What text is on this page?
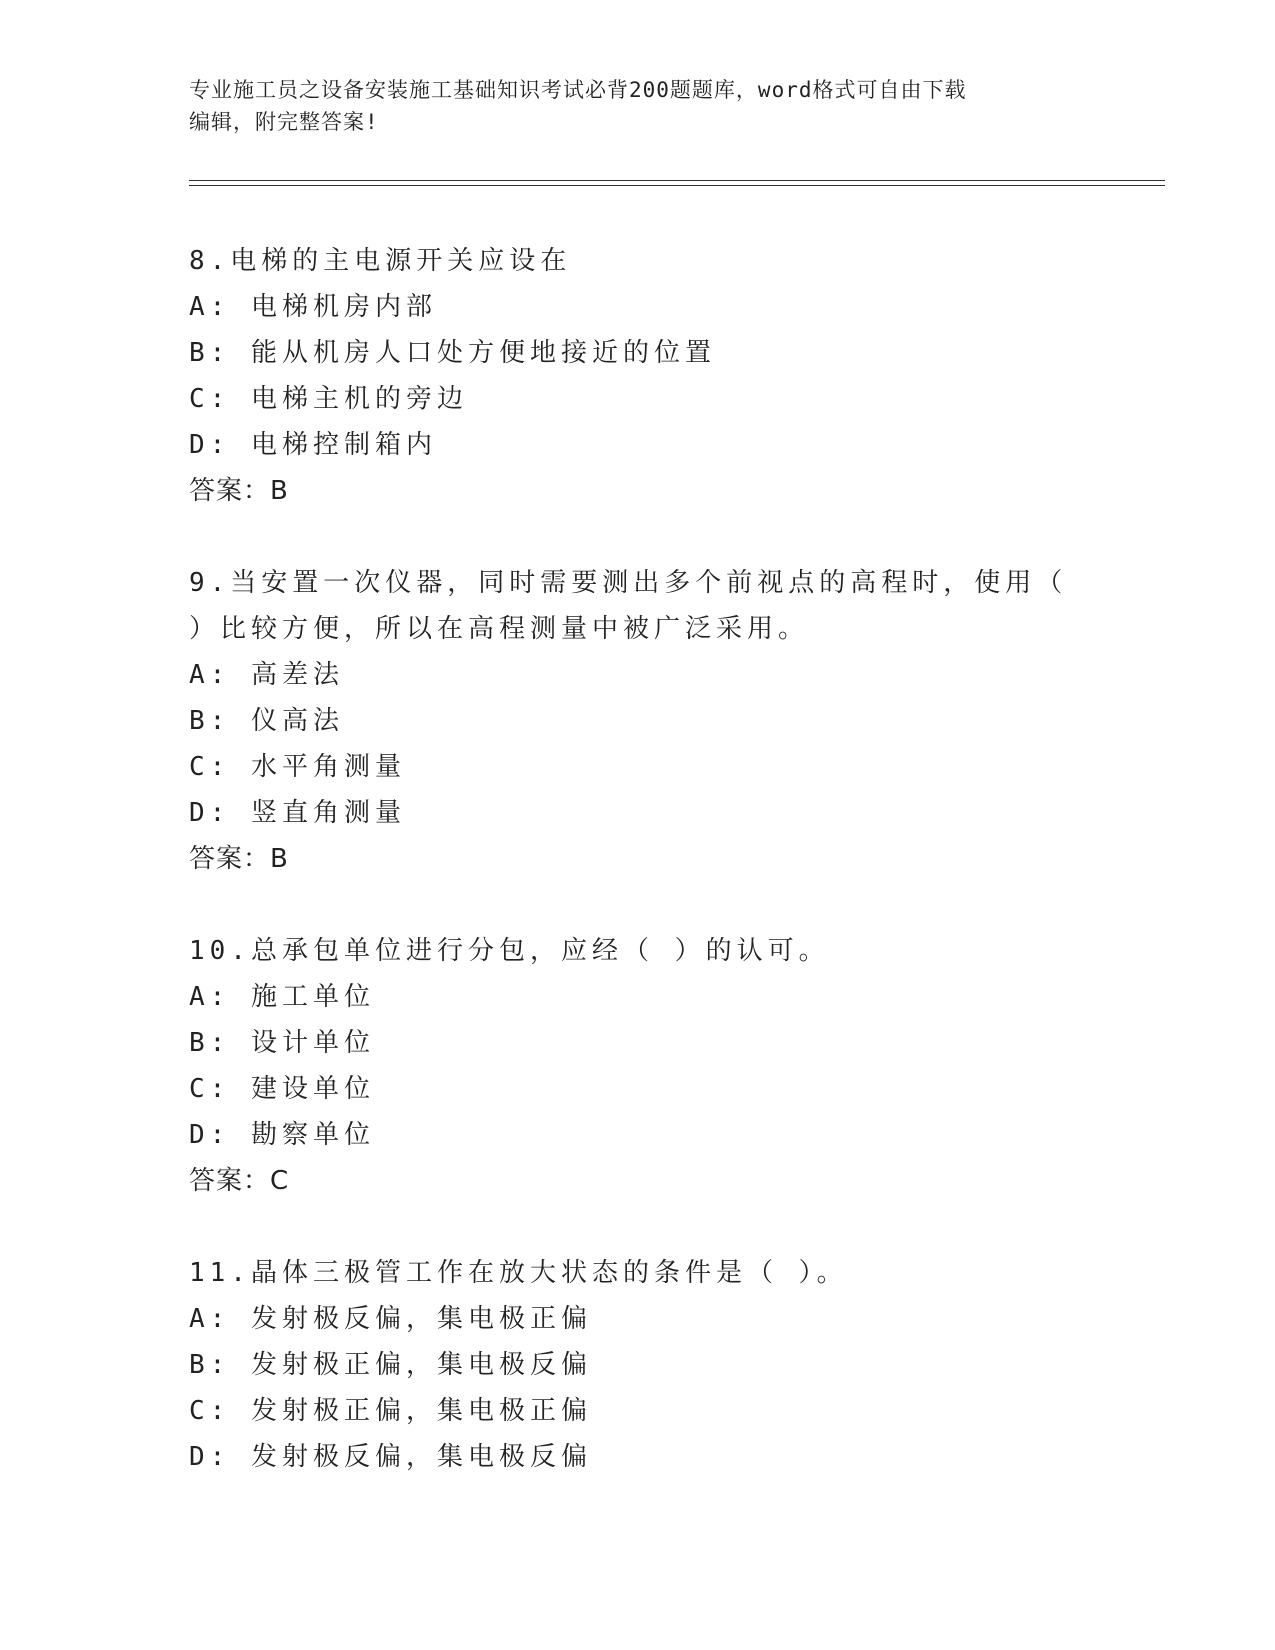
专业施工员之设备安装施工基础知识考试必背200题题库，word格式可自由下载
编辑，附完整答案!
8.电梯的主电源开关应设在
A: 电梯机房内部
B: 能从机房人口处方便地接近的位置
C: 电梯主机的旁边
D: 电梯控制箱内
答案：B
9.当安置一次仪器，同时需要测出多个前视点的高程时，使用（ ）比较方便，所以在高程测量中被广泛采用。
A: 高差法
B: 仪高法
C: 水平角测量
D: 竖直角测量
答案：B
10.总承包单位进行分包，应经（ ）的认可。
A: 施工单位
B: 设计单位
C: 建设单位
D: 勘察单位
答案：C
11.晶体三极管工作在放大状态的条件是（ ）。
A: 发射极反偏，集电极正偏
B: 发射极正偏，集电极反偏
C: 发射极正偏，集电极正偏
D: 发射极反偏，集电极反偏
